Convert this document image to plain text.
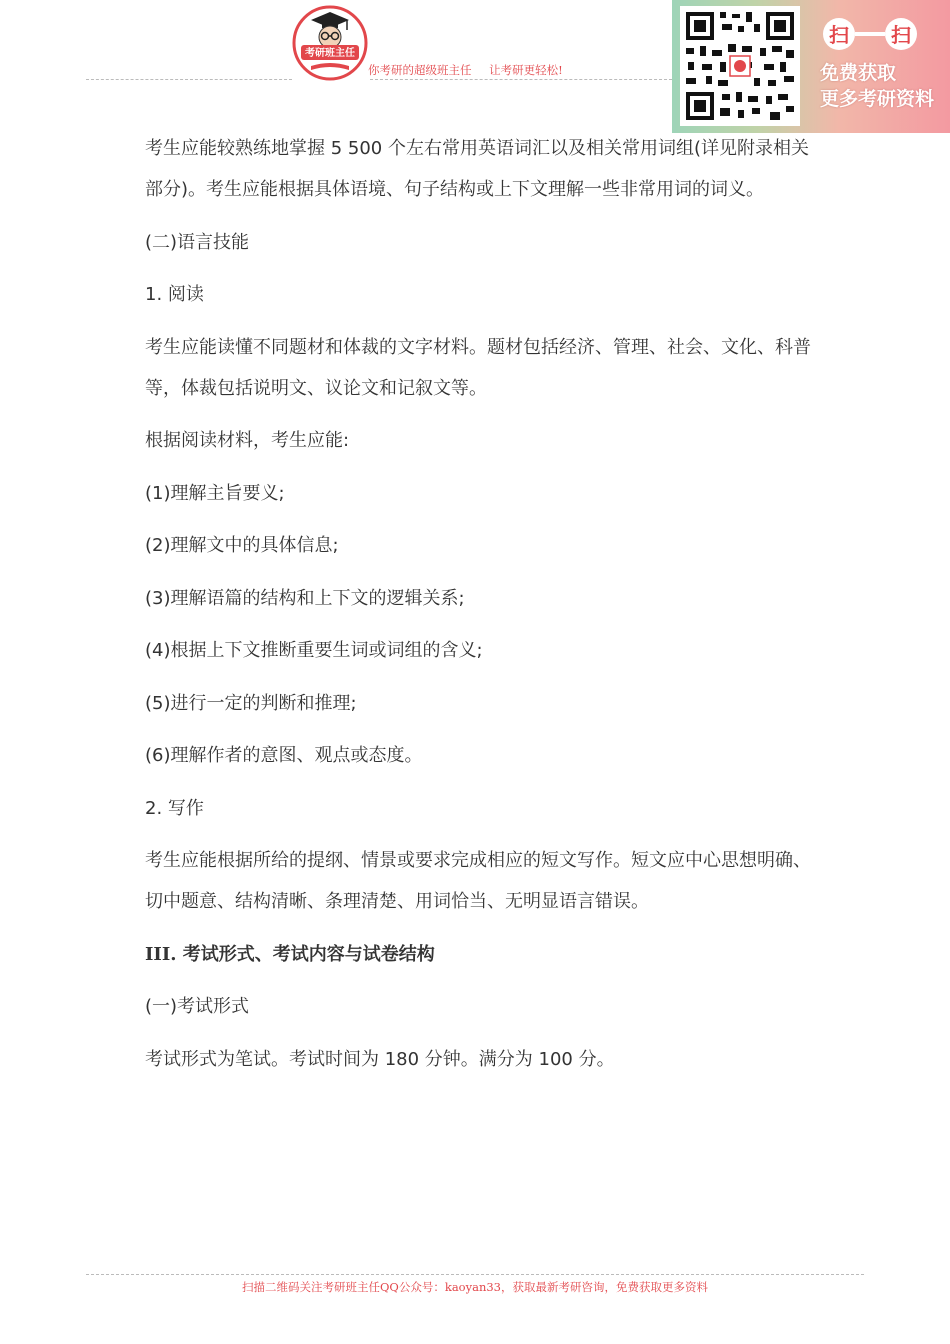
考研班主任
你考研的超级班主任 让考研更轻松!
扫 扫
免费获取
更多考研资料

考生应能较熟练地掌握 5 500 个左右常用英语词汇以及相关常用词组(详见附录相关部分)。考生应能根据具体语境、句子结构或上下文理解一些非常用词的词义。

(二)语言技能

1. 阅读

考生应能读懂不同题材和体裁的文字材料。题材包括经济、管理、社会、文化、科普等，体裁包括说明文、议论文和记叙文等。

根据阅读材料，考生应能:

(1)理解主旨要义;

(2)理解文中的具体信息;

(3)理解语篇的结构和上下文的逻辑关系;

(4)根据上下文推断重要生词或词组的含义;

(5)进行一定的判断和推理;

(6)理解作者的意图、观点或态度。

2. 写作

考生应能根据所给的提纲、情景或要求完成相应的短文写作。短文应中心思想明确、切中题意、结构清晰、条理清楚、用词恰当、无明显语言错误。

III. 考试形式、考试内容与试卷结构

(一)考试形式

考试形式为笔试。考试时间为 180 分钟。满分为 100 分。

扫描二维码关注考研班主任QQ公众号：kaoyan33，获取最新考研咨询，免费获取更多资料
